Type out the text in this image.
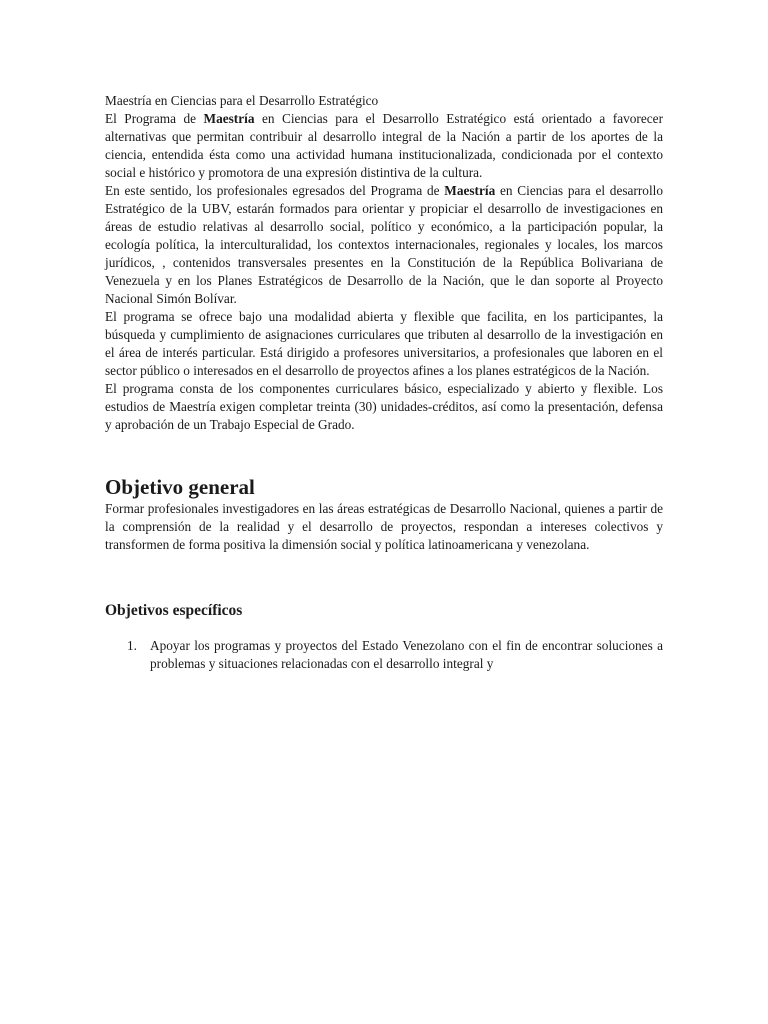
Maestría en Ciencias para el Desarrollo Estratégico

El Programa de Maestría en Ciencias para el Desarrollo Estratégico está orientado a favorecer alternativas que permitan contribuir al desarrollo integral de la Nación a partir de los aportes de la ciencia, entendida ésta como una actividad humana institucionalizada, condicionada por el contexto social e histórico y promotora de una expresión distintiva de la cultura.

En este sentido, los profesionales egresados del Programa de Maestría en Ciencias para el desarrollo Estratégico de la UBV, estarán formados para orientar y propiciar el desarrollo de investigaciones en áreas de estudio relativas al desarrollo social, político y económico, a la participación popular, la ecología política, la interculturalidad, los contextos internacionales, regionales y locales, los marcos jurídicos, , contenidos transversales presentes en la Constitución de la República Bolivariana de Venezuela y en los Planes Estratégicos de Desarrollo de la Nación, que le dan soporte al Proyecto Nacional Simón Bolívar.

El programa se ofrece bajo una modalidad abierta y flexible que facilita, en los participantes, la búsqueda y cumplimiento de asignaciones curriculares que tributen al desarrollo de la investigación en el área de interés particular. Está dirigido a profesores universitarios, a profesionales que laboren en el sector público o interesados en el desarrollo de proyectos afines a los planes estratégicos de la Nación.

El programa consta de los componentes curriculares básico, especializado y abierto y flexible. Los estudios de Maestría exigen completar treinta (30) unidades-créditos, así como la presentación, defensa y aprobación de un Trabajo Especial de Grado.

Objetivo general

Formar profesionales investigadores en las áreas estratégicas de Desarrollo Nacional, quienes a partir de la comprensión de la realidad y el desarrollo de proyectos, respondan a intereses colectivos y transformen de forma positiva la dimensión social y política latinoamericana y venezolana.

Objetivos específicos
1. Apoyar los programas y proyectos del Estado Venezolano con el fin de encontrar soluciones a problemas y situaciones relacionadas con el desarrollo integral y
